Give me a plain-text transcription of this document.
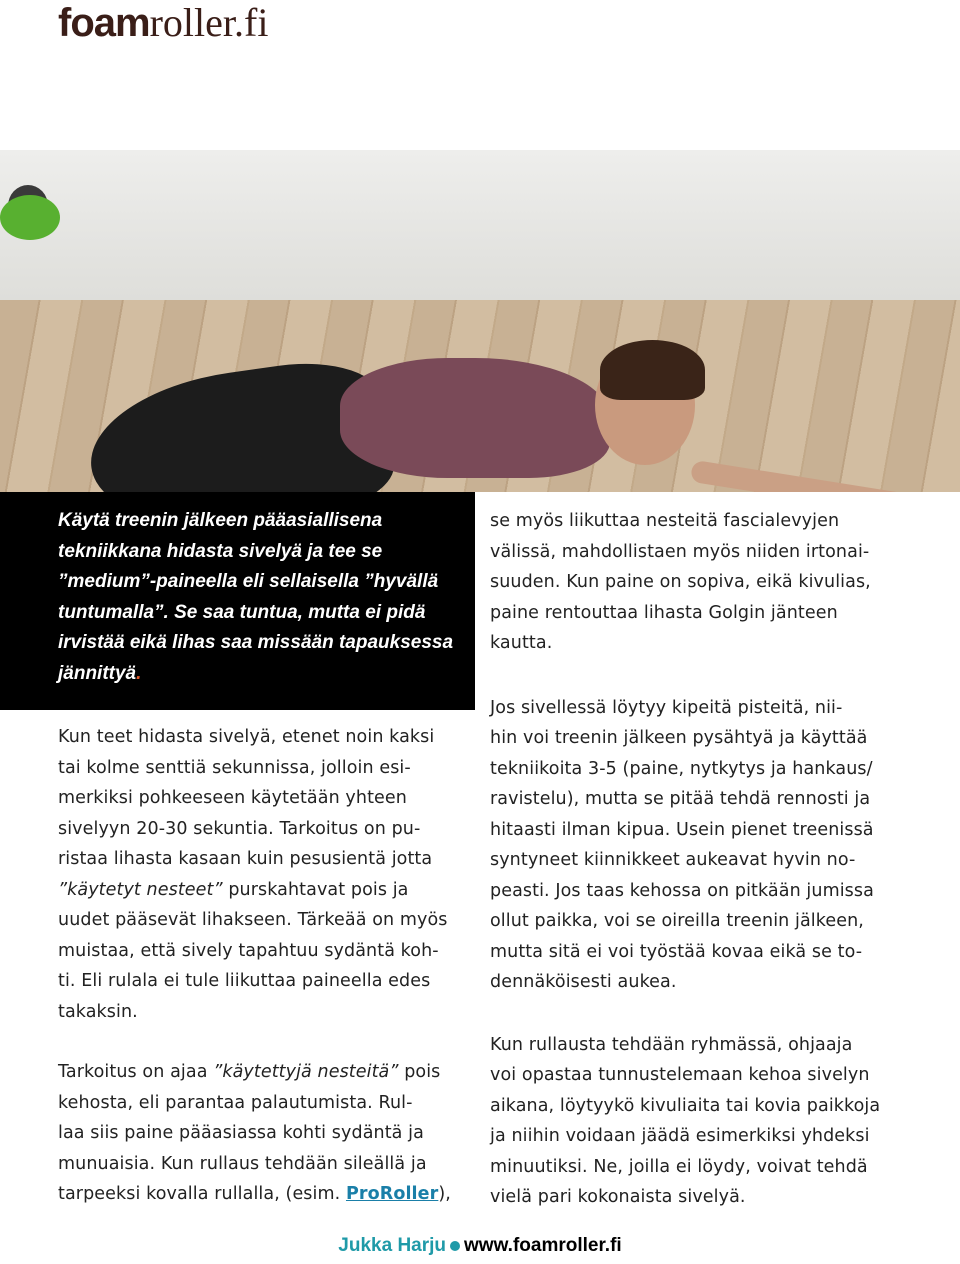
foamroller.fi

Käytä treenin jälkeen pääasiallisena tekniikkana hidasta sivelyä ja tee se ”medium”-paineella eli sellaisella ”hyvällä tuntumalla”. Se saa tuntua, mutta ei pidä irvistää eikä lihas saa missään tapauksessa jännittyä.

Kun teet hidasta sivelyä, etenet noin kaksi
tai kolme senttiä sekunnissa, jolloin esi-
merkiksi pohkeeseen käytetään yhteen
sivelyyn 20-30 sekuntia. Tarkoitus on pu-
ristaa lihasta kasaan kuin pesusientä jotta
”käytetyt nesteet” purskahtavat pois ja
uudet pääsevät lihakseen. Tärkeää on myös
muistaa, että sively tapahtuu sydäntä koh-
ti. Eli rulala ei tule liikuttaa paineella edes
takaksin.

Tarkoitus on ajaa ”käytettyjä nesteitä” pois
kehosta, eli parantaa palautumista. Rul-
laa siis paine pääasiassa kohti sydäntä ja
munuaisia. Kun rullaus tehdään sileällä ja
tarpeeksi kovalla rullalla, (esim. ProRoller),

se myös liikuttaa nesteitä fascialevyjen
välissä, mahdollistaen myös niiden irtonai-
suuden. Kun paine on sopiva, eikä kivulias,
paine rentouttaa lihasta Golgin jänteen
kautta.

Jos sivellessä löytyy kipeitä pisteitä, nii-
hin voi treenin jälkeen pysähtyä ja käyttää
tekniikoita 3-5 (paine, nytkytys ja hankaus/
ravistelu), mutta se pitää tehdä rennosti ja
hitaasti ilman kipua. Usein pienet treenissä
syntyneet kiinnikkeet aukeavat hyvin no-
peasti. Jos taas kehossa on pitkään jumissa
ollut paikka, voi se oireilla treenin jälkeen,
mutta sitä ei voi työstää kovaa eikä se to-
dennäköisesti aukea.

Kun rullausta tehdään ryhmässä, ohjaaja
voi opastaa tunnustelemaan kehoa sivelyn
aikana, löytyykö kivuliaita tai kovia paikkoja
ja niihin voidaan jäädä esimerkiksi yhdeksi
minuutiksi. Ne, joilla ei löydy, voivat tehdä
vielä pari kokonaista sivelyä.

Jukka Harju www.foamroller.fi
